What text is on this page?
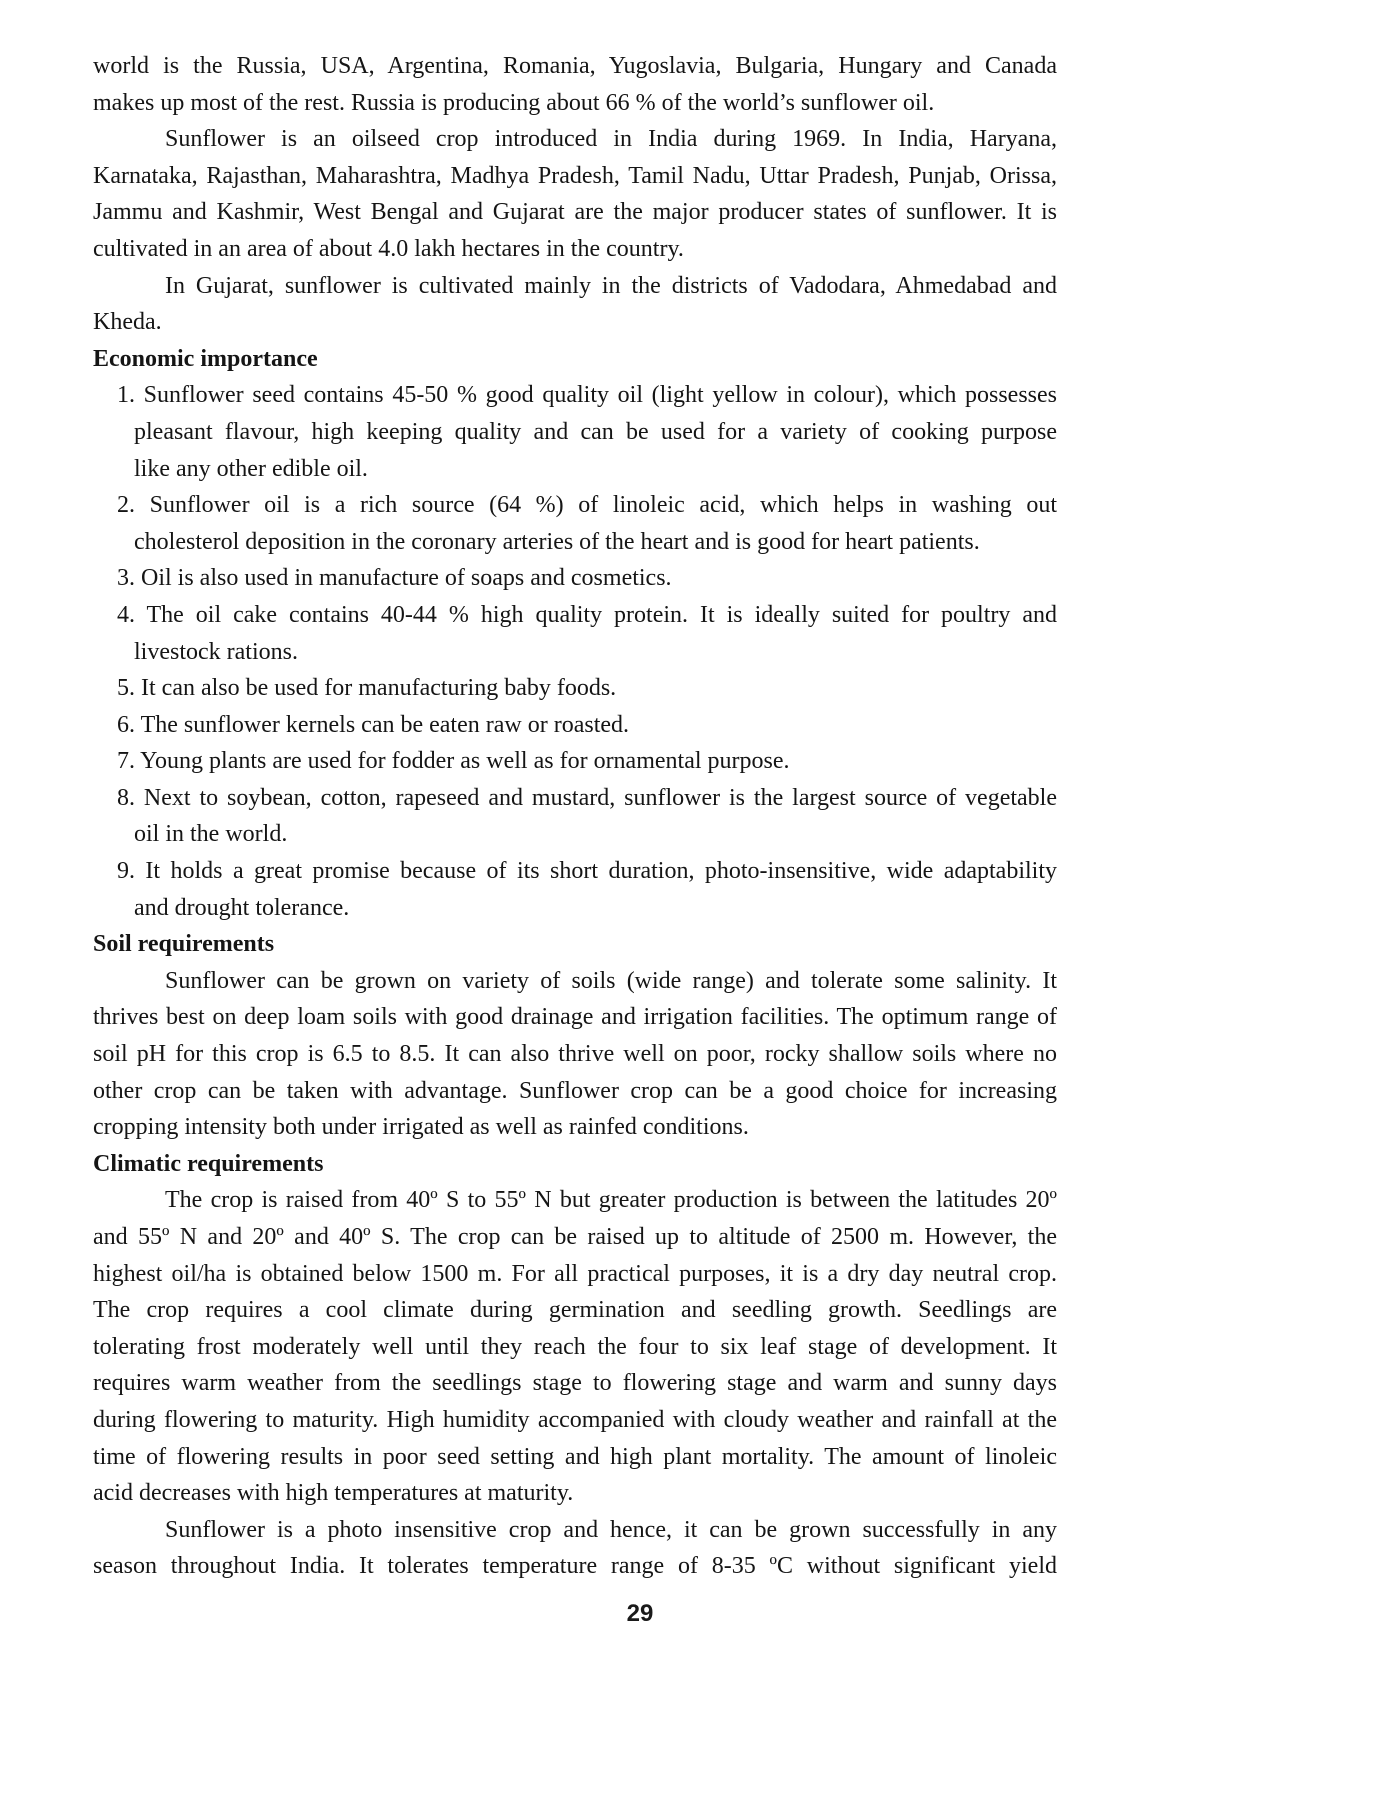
world is the Russia, USA, Argentina, Romania, Yugoslavia, Bulgaria, Hungary and Canada
makes up most of the rest. Russia is producing about 66 % of the world’s sunflower oil.
Sunflower is an oilseed crop introduced in India during 1969. In India, Haryana,
Karnataka, Rajasthan, Maharashtra, Madhya Pradesh, Tamil Nadu, Uttar Pradesh, Punjab, Orissa,
Jammu and Kashmir, West Bengal and Gujarat are the major producer states of sunflower. It is
cultivated in an area of about 4.0 lakh hectares in the country.
In Gujarat, sunflower is cultivated mainly in the districts of Vadodara, Ahmedabad and
Kheda.
Economic importance
1. Sunflower seed contains 45-50 % good quality oil (light yellow in colour), which possesses
pleasant flavour, high keeping quality and can be used for a variety of cooking purpose
like any other edible oil.
2. Sunflower oil is a rich source (64 %) of linoleic acid, which helps in washing out
cholesterol deposition in the coronary arteries of the heart and is good for heart patients.
3. Oil is also used in manufacture of soaps and cosmetics.
4. The oil cake contains 40-44 % high quality protein. It is ideally suited for poultry and
livestock rations.
5. It can also be used for manufacturing baby foods.
6. The sunflower kernels can be eaten raw or roasted.
7. Young plants are used for fodder as well as for ornamental purpose.
8. Next to soybean, cotton, rapeseed and mustard, sunflower is the largest source of vegetable
oil in the world.
9. It holds a great promise because of its short duration, photo-insensitive, wide adaptability
and drought tolerance.
Soil requirements
Sunflower can be grown on variety of soils (wide range) and tolerate some salinity. It
thrives best on deep loam soils with good drainage and irrigation facilities. The optimum range of
soil pH for this crop is 6.5 to 8.5. It can also thrive well on poor, rocky shallow soils where no
other crop can be taken with advantage. Sunflower crop can be a good choice for increasing
cropping intensity both under irrigated as well as rainfed conditions.
Climatic requirements
The crop is raised from 40º S to 55º N but greater production is between the latitudes 20º
and 55º N and 20º and 40º S. The crop can be raised up to altitude of 2500 m. However, the
highest oil/ha is obtained below 1500 m. For all practical purposes, it is a dry day neutral crop.
The crop requires a cool climate during germination and seedling growth. Seedlings are
tolerating frost moderately well until they reach the four to six leaf stage of development. It
requires warm weather from the seedlings stage to flowering stage and warm and sunny days
during flowering to maturity. High humidity accompanied with cloudy weather and rainfall at the
time of flowering results in poor seed setting and high plant mortality. The amount of linoleic
acid decreases with high temperatures at maturity.
Sunflower is a photo insensitive crop and hence, it can be grown successfully in any
season throughout India. It tolerates temperature range of 8-35 ºC without significant yield
29
